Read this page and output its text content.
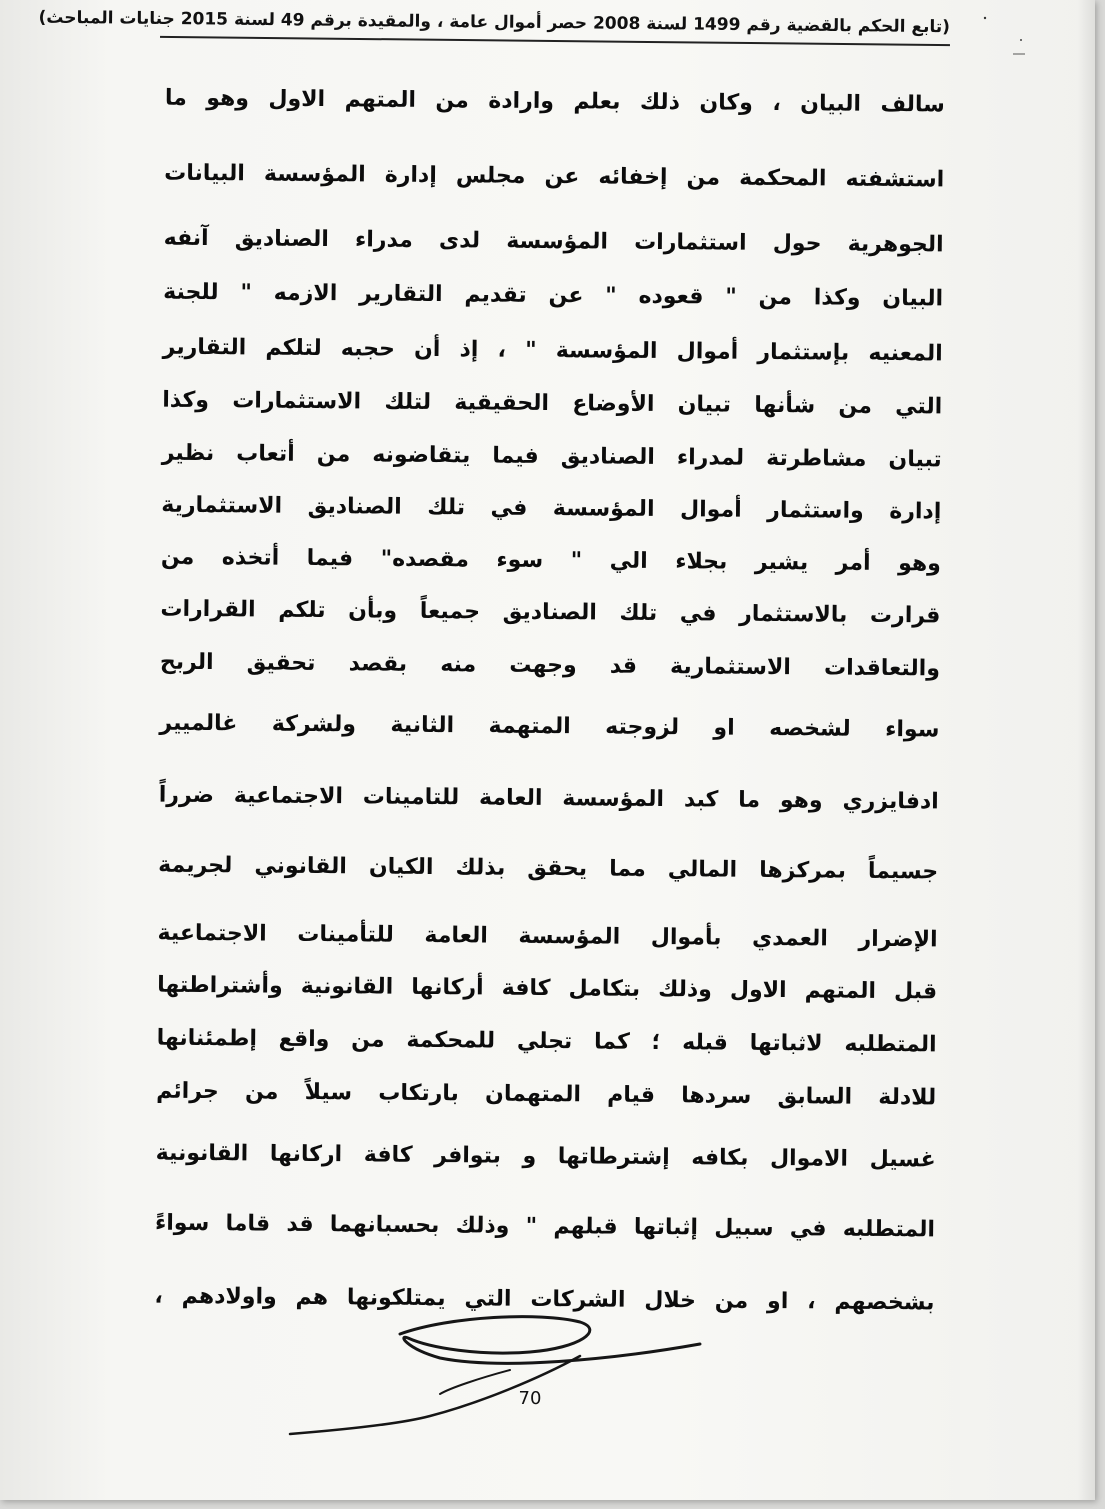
(تابع الحكم بالقضية رقم 1499 لسنة 2008 حصر أموال عامة ، والمقيدة برقم 49 لسنة 2015 جنايات المباحث)
سالف البيان ، وكان ذلك بعلم وارادة من المتهم الاول وهو ما
استشفته المحكمة من إخفائه عن مجلس إدارة المؤسسة البيانات
الجوهرية حول استثمارات المؤسسة لدى مدراء الصناديق آنفه
البيان وكذا من " قعوده " عن تقديم التقارير الازمه " للجنة
المعنيه بإستثمار أموال المؤسسة " ، إذ أن حجبه لتلكم التقارير
التي من شأنها تبيان الأوضاع الحقيقية لتلك الاستثمارات وكذا
تبيان مشاطرتة لمدراء الصناديق فيما يتقاضونه من أتعاب نظير
إدارة واستثمار أموال المؤسسة في تلك الصناديق الاستثمارية
وهو أمر يشير بجلاء الي " سوء مقصده" فيما أتخذه من
قرارت بالاستثمار في تلك الصناديق جميعاً وبأن تلكم القرارات
والتعاقدات الاستثمارية قد وجهت منه بقصد تحقيق الربح
سواء لشخصه او لزوجته المتهمة الثانية ولشركة غالميير
ادفايزري وهو ما كبد المؤسسة العامة للتامينات الاجتماعية ضرراً
جسيماً بمركزها المالي مما يحقق بذلك الكيان القانوني لجريمة
الإضرار العمدي بأموال المؤسسة العامة للتأمينات الاجتماعية
قبل المتهم الاول وذلك بتكامل كافة أركانها القانونية وأشتراطتها
المتطلبه لاثباتها قبله ؛ كما تجلي للمحكمة من واقع إطمئنانها
للادلة السابق سردها قيام المتهمان بارتكاب سيلاً من جرائم
غسيل الاموال بكافه إشترطاتها و بتوافر كافة اركانها القانونية
المتطلبه في سبيل إثباتها قبلهم " وذلك بحسبانهما قد قاما سواءً
بشخصهم ، او من خلال الشركات التي يمتلكونها هم واولادهم ،
70
